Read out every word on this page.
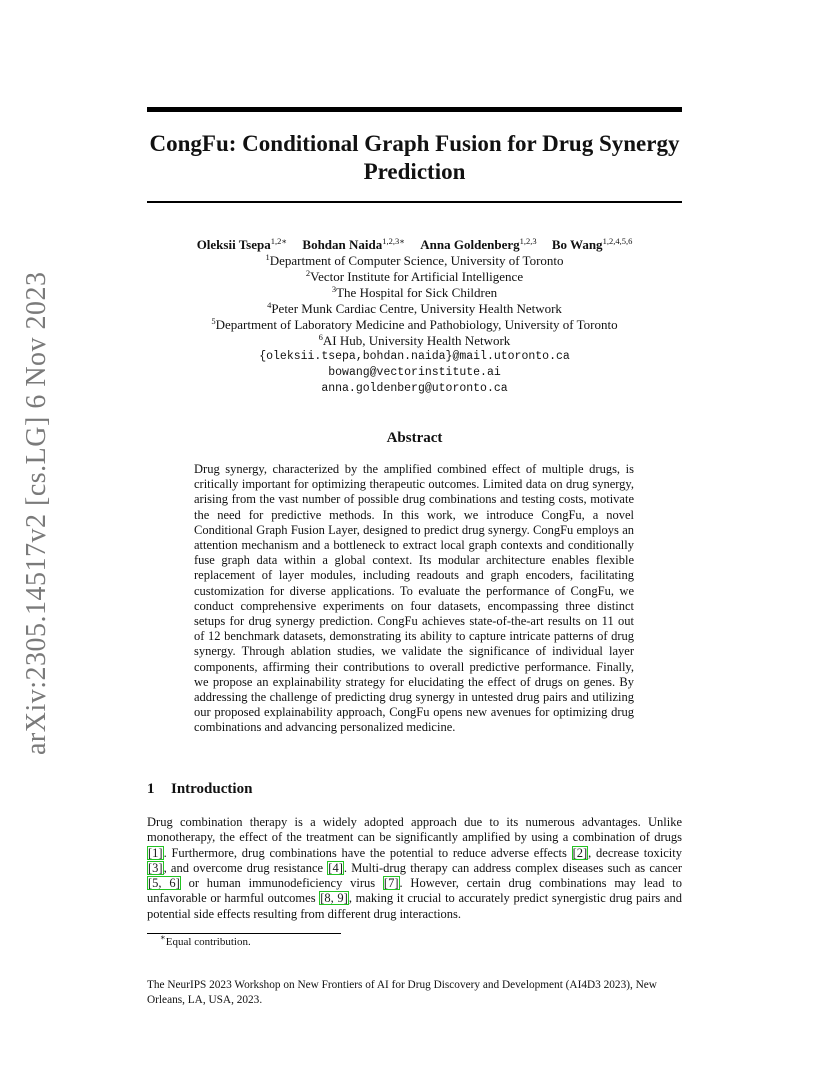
arXiv:2305.14517v2 [cs.LG] 6 Nov 2023
CongFu: Conditional Graph Fusion for Drug Synergy Prediction
Oleksii Tsepa$^{1,2∗}$ Bohdan Naida$^{1,2,3∗}$ Anna Goldenberg$^{1,2,3}$ Bo Wang$^{1,2,4,5,6}$
$^1$Department of Computer Science, University of Toronto
$^2$Vector Institute for Artificial Intelligence
$^3$The Hospital for Sick Children
$^4$Peter Munk Cardiac Centre, University Health Network
$^5$Department of Laboratory Medicine and Pathobiology, University of Toronto
$^6$AI Hub, University Health Network
{oleksii.tsepa,bohdan.naida}@mail.utoronto.ca
bowang@vectorinstitute.ai
anna.goldenberg@utoronto.ca
Abstract
Drug synergy, characterized by the amplified combined effect of multiple drugs, is critically important for optimizing therapeutic outcomes. Limited data on drug synergy, arising from the vast number of possible drug combinations and testing costs, motivate the need for predictive methods. In this work, we introduce CongFu, a novel Conditional Graph Fusion Layer, designed to predict drug synergy. CongFu employs an attention mechanism and a bottleneck to extract local graph contexts and conditionally fuse graph data within a global context. Its modular architecture enables flexible replacement of layer modules, including readouts and graph encoders, facilitating customization for diverse applications. To evaluate the performance of CongFu, we conduct comprehensive experiments on four datasets, encompassing three distinct setups for drug synergy prediction. CongFu achieves state-of-the-art results on 11 out of 12 benchmark datasets, demonstrating its ability to capture intricate patterns of drug synergy. Through ablation studies, we validate the significance of individual layer components, affirming their contributions to overall predictive performance. Finally, we propose an explainability strategy for elucidating the effect of drugs on genes. By addressing the challenge of predicting drug synergy in untested drug pairs and utilizing our proposed explainability approach, CongFu opens new avenues for optimizing drug combinations and advancing personalized medicine.
1 Introduction
Drug combination therapy is a widely adopted approach due to its numerous advantages. Unlike monotherapy, the effect of the treatment can be significantly amplified by using a combination of drugs [1]. Furthermore, drug combinations have the potential to reduce adverse effects [2], decrease toxicity [3], and overcome drug resistance [4]. Multi-drug therapy can address complex diseases such as cancer [5, 6] or human immunodeficiency virus [7]. However, certain drug combinations may lead to unfavorable or harmful outcomes [8, 9], making it crucial to accurately predict synergistic drug pairs and potential side effects resulting from different drug interactions.
∗Equal contribution.
The NeurIPS 2023 Workshop on New Frontiers of AI for Drug Discovery and Development (AI4D3 2023), New Orleans, LA, USA, 2023.
